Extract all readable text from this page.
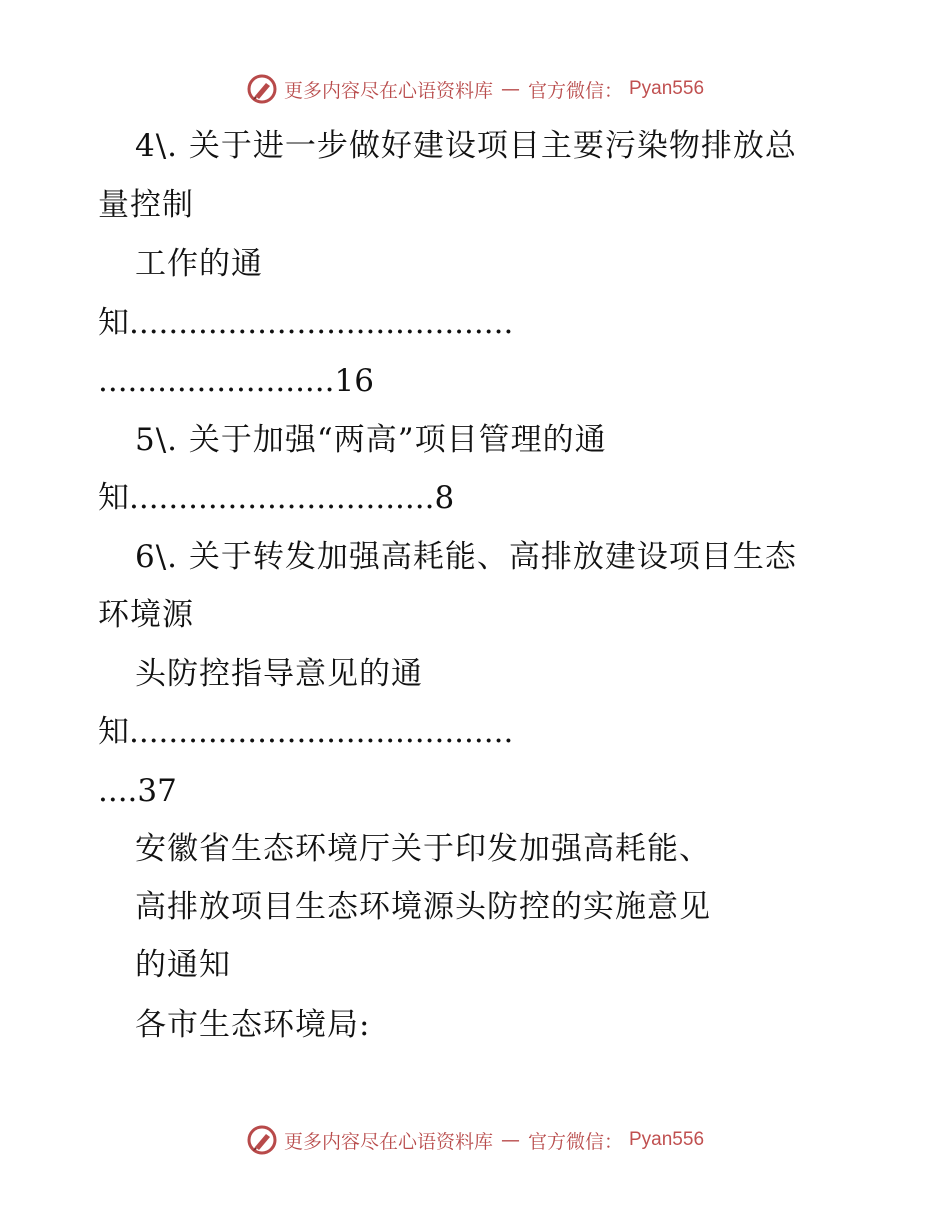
更多内容尽在心语资料库 — 官方微信： Pyan556
4\. 关于进一步做好建设项目主要污染物排放总
量控制
工作的通
知.......................................
........................16
5\. 关于加强“两高”项目管理的通
知...............................8
6\. 关于转发加强高耗能、高排放建设项目生态
环境源
头防控指导意见的通
知.......................................
....37
安徽省生态环境厅关于印发加强高耗能、
高排放项目生态环境源头防控的实施意见
的通知
各市生态环境局:
更多内容尽在心语资料库 — 官方微信： Pyan556
